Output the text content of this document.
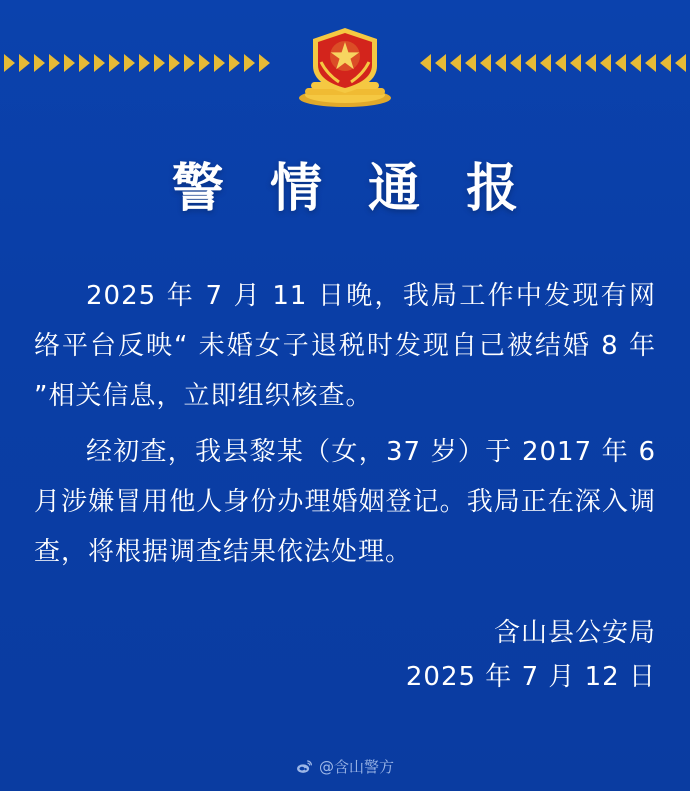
警 情 通 报

2025 年 7 月 11 日晚，我局工作中发现有网络平台反映“ 未婚女子退税时发现自己被结婚 8 年 ”相关信息，立即组织核查。

经初查，我县黎某（女，37 岁）于 2017 年 6 月涉嫌冒用他人身份办理婚姻登记。我局正在深入调查，将根据调查结果依法处理。

含山县公安局
2025 年 7 月 12 日
@含山警方
